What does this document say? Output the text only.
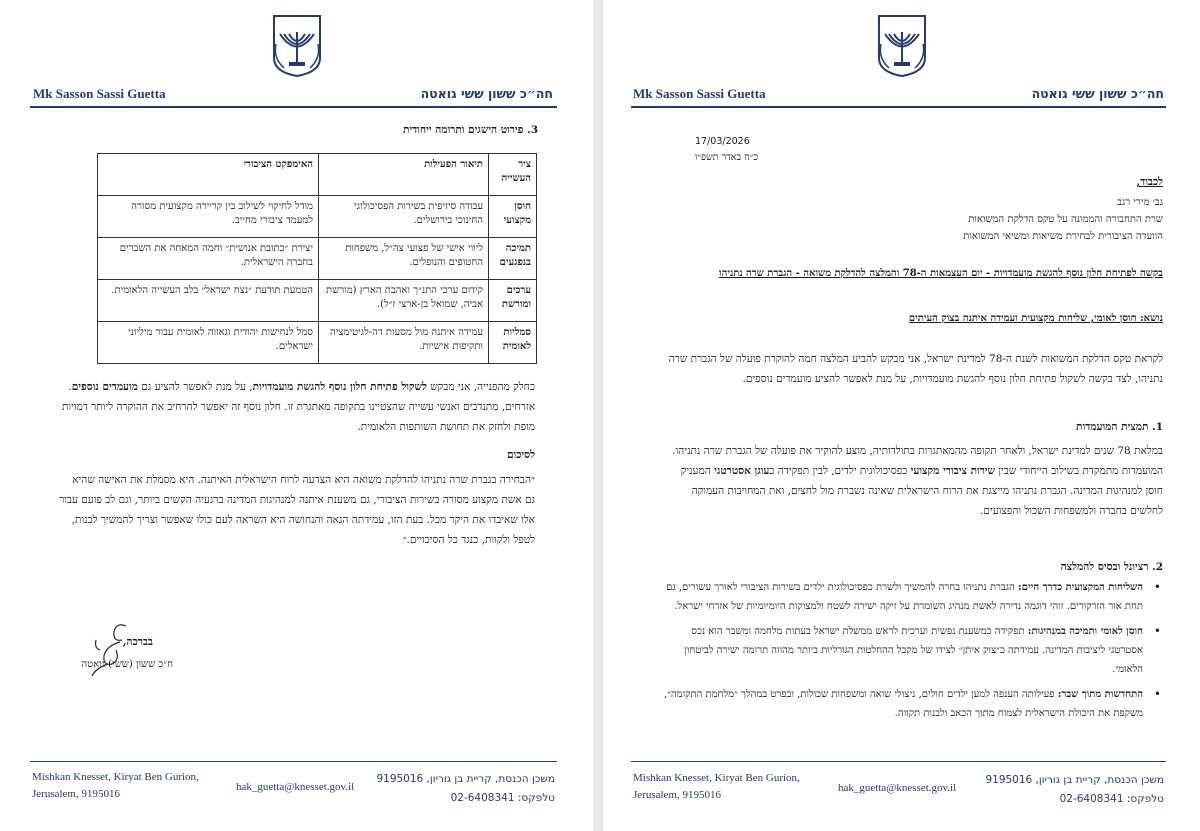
Mk Sasson Sassi Guetta	חה״כ ששון ששי גואטה
3. פירוט הישגים ותרומה ייחודית
ציר העשייה	תיאור הפעילות	האימפקט הציבורי
חוסן מקצועי	עבודה סיזיפית בשירות הפסיכולוגי החינוכי בירושלים.	מודל לחיקוי לשילוב בין קריירה מקצועית מסורה למעמד ציבורי מחייב.
תמיכה בנפגעים	ליווי אישי של פצועי צה״ל, משפחות החטופים והנופלים.	יצירת ״כתובת אנושית״ וחמה המאחה את השברים בחברה הישראלית.
ערכים ומורשת	קידום ערכי התנ״ך ואהבת הארץ (מורשת אביה, שמואל בן-ארצי ז״ל).	הטמעת תודעת ״נצח ישראל״ בלב העשייה הלאומית.
סמליות לאומית	עמידה איתנה מול מסעות דה-לגיטימציה ותקיפות אישיות.	סמל לנחישות יהודית וגאווה לאומית עבור מיליוני ישראלים.
כחלק מהפנייה, אני מבקש לשקול פתיחת חלון נוסף להגשת מועמדויות, על מנת לאפשר להציע גם מועמדים נוספים. אזרחים, מתנדבים ואנשי עשייה שהצטיינו בתקופה מאתגרת זו. חלון נוסף זה יאפשר להרחיב את ההוקרה ליותר דמויות מופת ולחזק את תחושת השותפות הלאומית.
לסיכום
״הבחירה בגברת שרה נתניהו להדלקת משואה היא הצדעה לרוח הישראלית האיתנה. היא מסמלת את האישה שהיא גם אשת מקצוע מסורה בשירות הציבורי, גם משענת איתנה למנהיגות המדינה ברגעיה הקשים ביותר, וגם לב פועם עבור אלו שאיבדו את היקר מכל. בעת הזו, עמידתה הגאה והנחושה היא השראה לעם כולו שאפשר וצריך להמשיך לבנות, לטפל ולקוות, כנגד כל הסיכויים.״
בברכה,
ח״כ ששון (ששי) גואטה
Mishkan Knesset, Kiryat Ben Gurion,
Jerusalem, 9195016
hak_guetta@knesset.gov.il
משכן הכנסת, קריית בן גוריון, 9195016
טלפקס: 02-6408341
Mk Sasson Sassi Guetta	חה״כ ששון ששי גואטה
17/03/2026
כ״ח באדר תשפ״ו
לכבוד,
גב׳ מירי רגב
שרת התחבורה והממונה על טקס הדלקת המשואות
הוועדה הציבורית לבחירת משיאות ומשיאי המשואות
בקשה לפתיחת חלון נוסף להגשת מועמדויות - יום העצמאות ה-78 והמלצה להדלקת משואה - הגברת שרה נתניהו
נושא: חוסן לאומי, שליחות מקצועית ועמידה איתנה בצוק העיתים
לקראת טקס הדלקת המשואות לשנת ה-78 למדינת ישראל, אני מבקש להביע המלצה חמה להוקרת פועלה של הגברת שרה נתניהו, לצד בקשה לשקול פתיחת חלון נוסף להגשת מועמדויות, על מנת לאפשר להציע מועמדים נוספים.
1. תמצית המועמדות
במלאת 78 שנים למדינת ישראל, ולאחר תקופה מהמאתגרות בתולדותיה, מוצע להוקיר את פועלה של הגברת שרה נתניהו. המועמדות מתמקדת בשילוב הייחודי שבין שירות ציבורי מקצועי כפסיכולוגית ילדים, לבין תפקידה כעוגן אסטרטגי המעניק חוסן למנהיגות המדינה. הגברת נתניהו מייצגת את הרוח הישראלית שאינה נשברת מול לחצים, ואת המחויבות העמוקה לחלשים בחברה ולמשפחות השכול והפצועים.
2. רציונל ובסיס להמלצה
• השליחות המקצועית כדרך חיים: הגברת נתניהו בחרה להמשיך ולשרת כפסיכולוגית ילדים בשירות הציבורי לאורך עשורים, גם תחת אור הזרקורים. זוהי דוגמה נדירה לאשת מנהיג השומרת על זיקה ישירה לשטח ולמצוקות היומיומיות של אזרחי ישראל.
• חוסן לאומי ותמיכה במנהיגות: תפקידה כמשענת נפשית וערכית לראש ממשלת ישראל בעתות מלחמה ומשבר הוא נכס אסטרטגי ליציבות המדינה. עמידתה כ״צוק איתן״ לצידו של מקבל ההחלטות הגורליות ביותר מהווה תרומה ישירה לביטחון הלאומי.
• התחדשות מתוך שבר: פעילותה הענפה למען ילדים חולים, ניצולי שואה ומשפחות שכולות, ובפרט במהלך ״מלחמת התקומה״, משקפת את היכולת הישראלית לצמוח מתוך הכאב ולבנות תקווה.
Mishkan Knesset, Kiryat Ben Gurion,
Jerusalem, 9195016
hak_guetta@knesset.gov.il
משכן הכנסת, קריית בן גוריון, 9195016
טלפקס: 02-6408341
